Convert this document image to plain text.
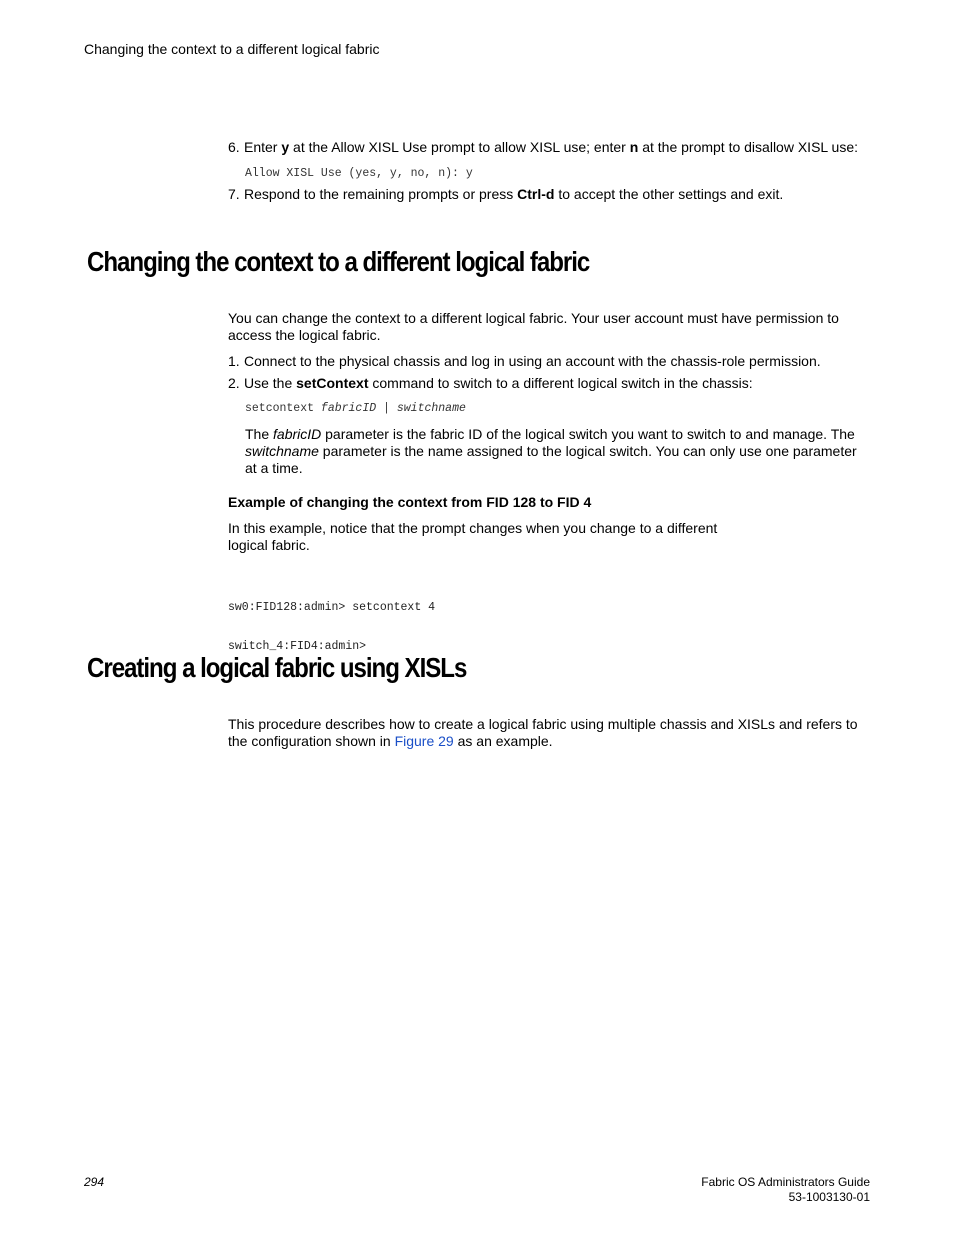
Changing the context to a different logical fabric
6. Enter y at the Allow XISL Use prompt to allow XISL use; enter n at the prompt to disallow XISL use:
Allow XISL Use (yes, y, no, n): y
7. Respond to the remaining prompts or press Ctrl-d to accept the other settings and exit.
Changing the context to a different logical fabric
You can change the context to a different logical fabric. Your user account must have permission to
access the logical fabric.
1. Connect to the physical chassis and log in using an account with the chassis-role permission.
2. Use the setContext command to switch to a different logical switch in the chassis:
setcontext fabricID | switchname
The fabricID parameter is the fabric ID of the logical switch you want to switch to and manage. The
switchname parameter is the name assigned to the logical switch. You can only use one parameter
at a time.
Example of changing the context from FID 128 to FID 4
In this example, notice that the prompt changes when you change to a different
logical fabric.

sw0:FID128:admin> setcontext 4

switch_4:FID4:admin>

Creating a logical fabric using XISLs
This procedure describes how to create a logical fabric using multiple chassis and XISLs and refers to
the configuration shown in Figure 29 as an example.
294	Fabric OS Administrators Guide
53-1003130-01
